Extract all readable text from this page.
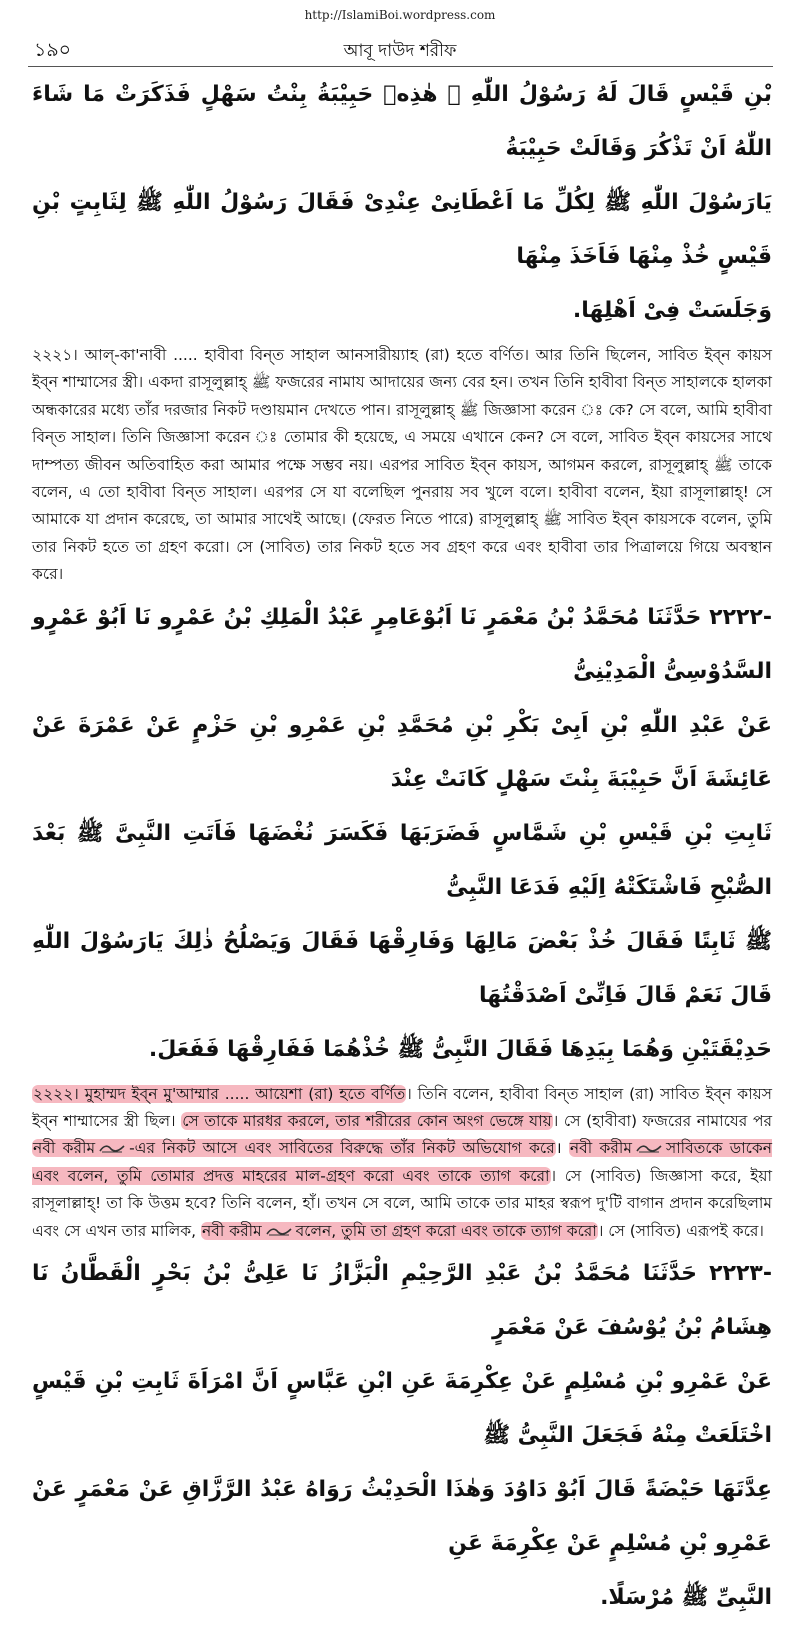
http://IslamiBoi.wordpress.com
১৯০	আবূ দাউদ শরীফ

بْنِ قَيْسٍ قَالَ لَهُ رَسُوْلُ اللّٰهِ ﷺ هٰذِهٖ حَبِيْبَةُ بِنْتُ سَهْلٍ فَذَكَرَتْ مَا شَاءَ اللّٰهُ اَنْ تَذْكُرَ وَقَالَتْ حَبِيْبَةُ

يَارَسُوْلَ اللّٰهِ ﷺ لِكُلِّ مَا اَعْطَانِىْ عِنْدِىْ فَقَالَ رَسُوْلُ اللّٰهِ ﷺ لِثَابِتٍ بْنِ قَيْسٍ خُذْ مِنْهَا فَاَخَذَ مِنْهَا

وَجَلَسَتْ فِىْ اَهْلِهَا.

২২২১। আল্-কা'নাবী ..... হাবীবা বিন্‌ত সাহাল আনসারীয়্যাহ (রা) হতে বর্ণিত। আর তিনি ছিলেন, সাবিত ইব্‌ন কায়স ইব্‌ন শাম্মাসের স্ত্রী। একদা রাসূলুল্লাহ্ ﷺ ফজরের নামায আদায়ের জন্য বের হন। তখন তিনি হাবীবা বিন্‌ত সাহালকে হালকা অন্ধকারের মধ্যে তাঁর দরজার নিকট দণ্ডায়মান দেখতে পান। রাসূলুল্লাহ্ ﷺ জিজ্ঞাসা করেন ঃ কে? সে বলে, আমি হাবীবা বিন্‌ত সাহাল। তিনি জিজ্ঞাসা করেন ঃ তোমার কী হয়েছে, এ সময়ে এখানে কেন? সে বলে, সাবিত ইব্‌ন কায়সের সাথে দাম্পত্য জীবন অতিবাহিত করা আমার পক্ষে সম্ভব নয়। এরপর সাবিত ইব্‌ন কায়স, আগমন করলে, রাসূলুল্লাহ্ ﷺ তাকে বলেন, এ তো হাবীবা বিন্‌ত সাহাল। এরপর সে যা বলেছিল পুনরায় সব খুলে বলে। হাবীবা বলেন, ইয়া রাসূলাল্লাহ্! সে আমাকে যা প্রদান করেছে, তা আমার সাথেই আছে। (ফেরত নিতে পারে) রাসূলুল্লাহ্ ﷺ সাবিত ইব্‌ন কায়সকে বলেন, তুমি তার নিকট হতে তা গ্রহণ করো। সে (সাবিত) তার নিকট হতে সব গ্রহণ করে এবং হাবীবা তার পিত্রালয়ে গিয়ে অবস্থান করে।

-٢٢٢٢ حَدَّثَنَا مُحَمَّدُ بْنُ مَعْمَرٍ نَا اَبُوْعَامِرٍ عَبْدُ الْمَلِكِ بْنُ عَمْرٍو نَا اَبُوْ عَمْرٍو السَّدُوْسِىُّ الْمَدِيْنِىُّ

عَنْ عَبْدِ اللّٰهِ بْنِ اَبِىْ بَكْرِ بْنِ مُحَمَّدِ بْنِ عَمْرِو بْنِ حَزْمٍ عَنْ عَمْرَةَ عَنْ عَائِشَةَ اَنَّ حَبِيْبَةَ بِنْتَ سَهْلٍ كَانَتْ عِنْدَ

ثَابِتِ بْنِ قَيْسِ بْنِ شَمَّاسٍ فَضَرَبَهَا فَكَسَرَ نُغْضَهَا فَاَتَتِ النَّبِىَّ ﷺ بَعْدَ الصُّبْحِ فَاشْتَكَتْهُ اِلَيْهِ فَدَعَا النَّبِىُّ

ﷺ ثَابِتًا فَقَالَ خُذْ بَعْضَ مَالِهَا وَفَارِقْهَا فَقَالَ وَيَصْلُحُ ذٰلِكَ يَارَسُوْلَ اللّٰهِ قَالَ نَعَمْ قَالَ فَاِنِّىْ اَصْدَقْتُهَا

حَدِيْقَتَيْنِ وَهُمَا بِيَدِهَا فَقَالَ النَّبِىُّ ﷺ خُذْهُمَا فَفَارِقْهَا فَفَعَلَ.

২২২২। মুহাম্মদ ইব্‌ন মু'আম্মার ..... আয়েশা (রা) হতে বর্ণিত। তিনি বলেন, হাবীবা বিন্‌ত সাহাল (রা) সাবিত ইব্‌ন কায়স ইব্‌ন শাম্মাসের স্ত্রী ছিল। সে তাকে মারধর করলে, তার শরীরের কোন অংগ ভেঙ্গে যায়। সে (হাবীবা) ফজরের নামাযের পর নবী করীম -এর নিকট আসে এবং সাবিতের বিরুদ্ধে তাঁর নিকট অভিযোগ করে। নবী করীম সাবিতকে ডাকেন এবং বলেন, তুমি তোমার প্রদত্ত মাহরের মাল-গ্রহণ করো এবং তাকে ত্যাগ করো। সে (সাবিত) জিজ্ঞাসা করে, ইয়া রাসূলাল্লাহ্! তা কি উত্তম হবে? তিনি বলেন, হাঁ। তখন সে বলে, আমি তাকে তার মাহর স্বরূপ দু'টি বাগান প্রদান করেছিলাম এবং সে এখন তার মালিক, নবী করীম বলেন, তুমি তা গ্রহণ করো এবং তাকে ত্যাগ করো। সে (সাবিত) এরূপই করে।

-٢٢٢٣ حَدَّثَنَا مُحَمَّدُ بْنُ عَبْدِ الرَّحِيْمِ الْبَزَّازُ نَا عَلِىُّ بْنُ بَحْرٍ الْقَطَّانُ نَا هِشَامُ بْنُ يُوْسُفَ عَنْ مَعْمَرٍ

عَنْ عَمْرِو بْنِ مُسْلِمٍ عَنْ عِكْرِمَةَ عَنِ ابْنِ عَبَّاسٍ اَنَّ امْرَاَةَ ثَابِتِ بْنِ قَيْسٍ اخْتَلَعَتْ مِنْهُ فَجَعَلَ النَّبِىُّ ﷺ

عِدَّتَهَا حَيْضَةً قَالَ اَبُوْ دَاوُدَ وَهٰذَا الْحَدِيْثُ رَوَاهُ عَبْدُ الرَّزَّاقِ عَنْ مَعْمَرٍ عَنْ عَمْرِو بْنِ مُسْلِمٍ عَنْ عِكْرِمَةَ عَنِ

النَّبِىِّ ﷺ مُرْسَلًا.
